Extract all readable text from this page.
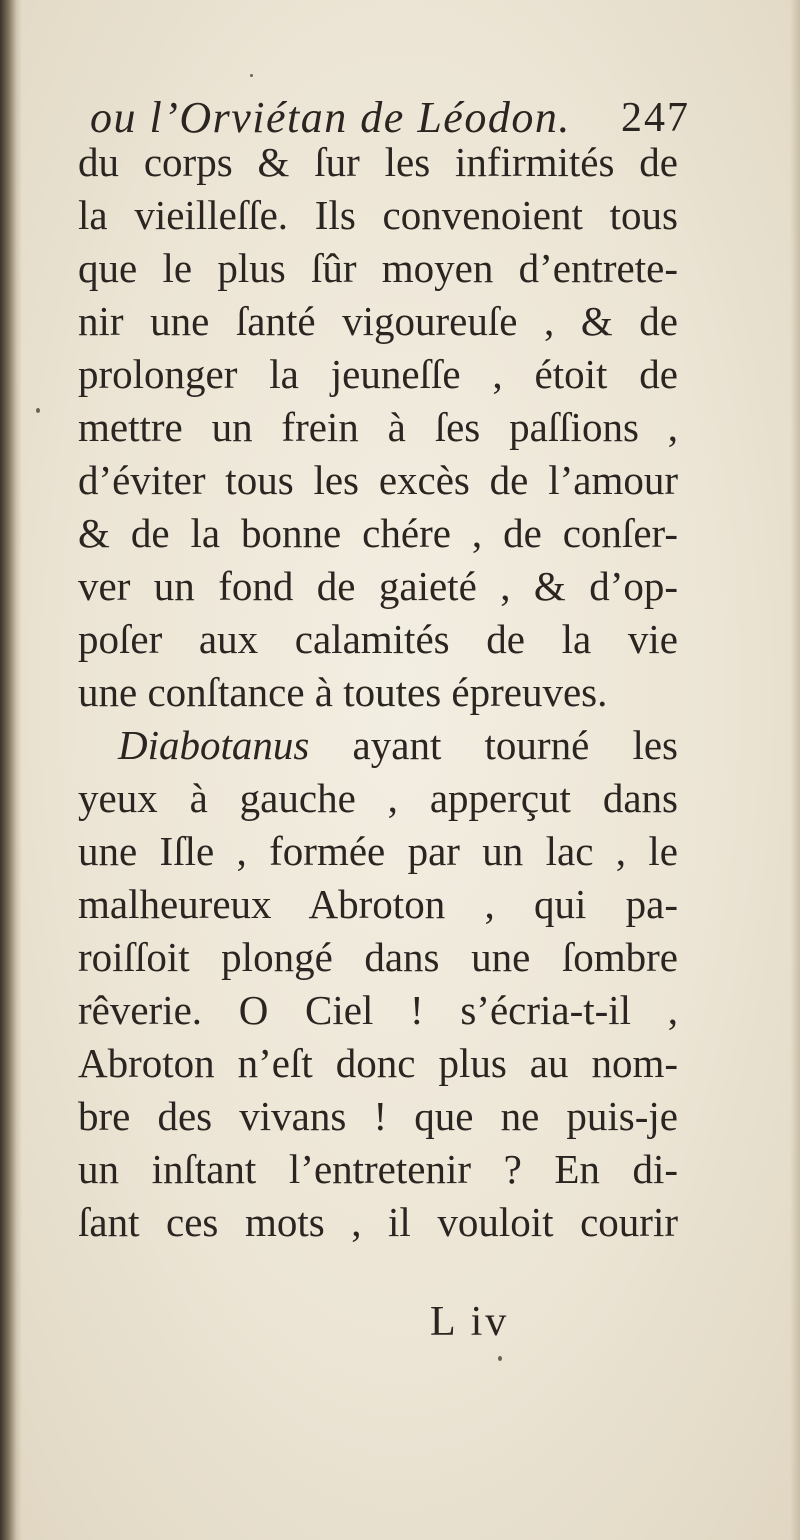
ou l’Orviétan de Léodon. 247
du corps & ſur les infirmités de
la vieilleſſe. Ils convenoient tous
que le plus ſûr moyen d’entrete-
nir une ſanté vigoureuſe , & de
prolonger la jeuneſſe , étoit de
mettre un frein à ſes paſſions ,
d’éviter tous les excès de l’amour
& de la bonne chére , de conſer-
ver un fond de gaieté , & d’op-
poſer aux calamités de la vie
une conſtance à toutes épreuves.
Diabotanus ayant tourné les
yeux à gauche , apperçut dans
une Iſle , formée par un lac , le
malheureux Abroton , qui pa-
roiſſoit plongé dans une ſombre
rêverie. O Ciel ! s’écria-t-il ,
Abroton n’eſt donc plus au nom-
bre des vivans ! que ne puis-je
un inſtant l’entretenir ? En di-
ſant ces mots , il vouloit courir
L iv
